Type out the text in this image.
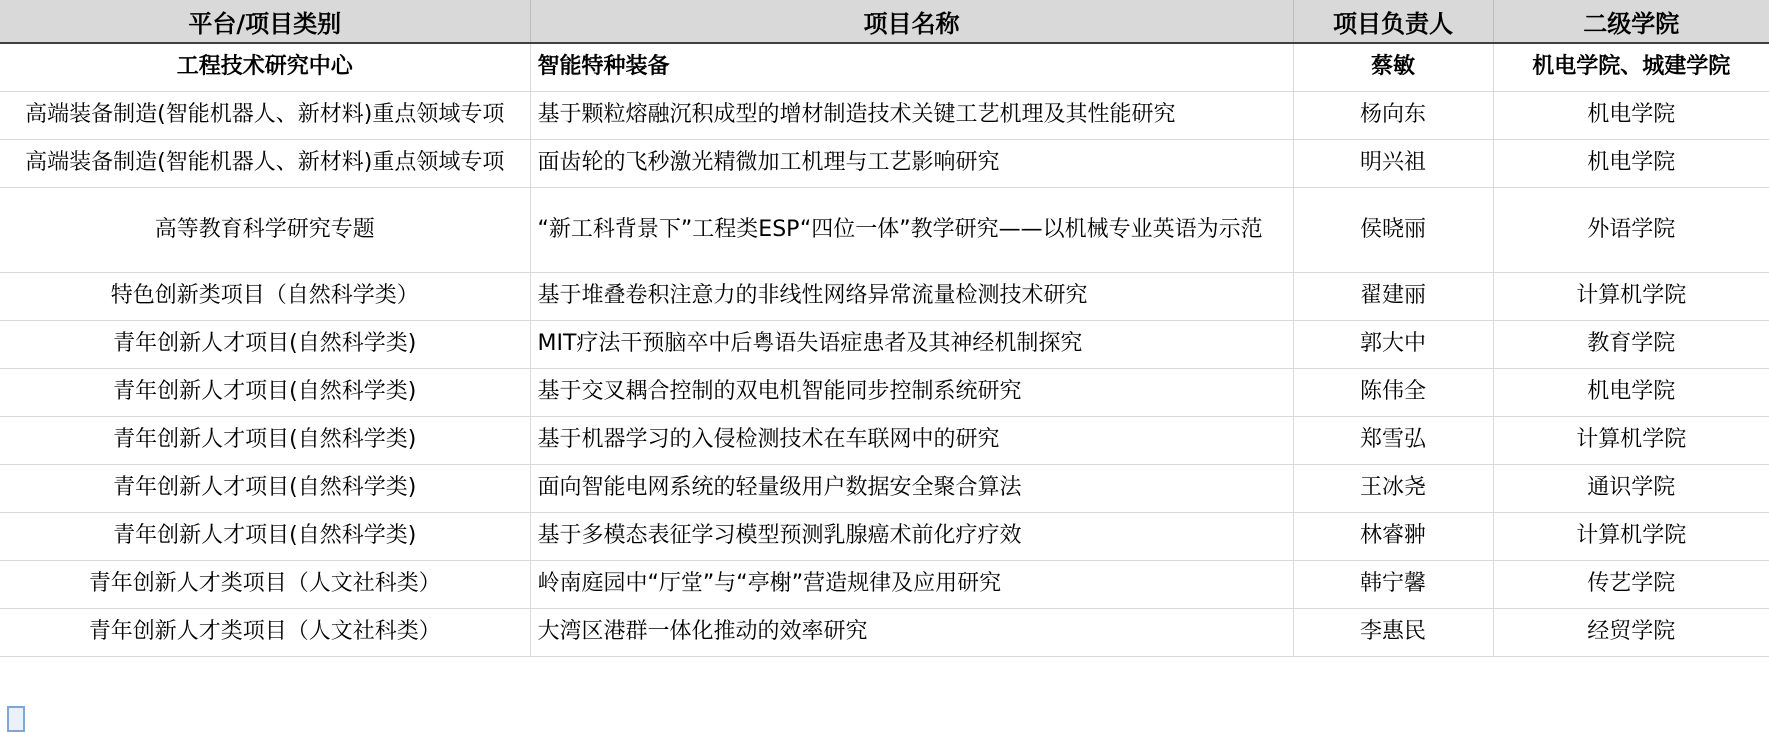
平台/项目类别	项目名称	项目负责人	二级学院
工程技术研究中心	智能特种装备	蔡敏	机电学院、城建学院
高端装备制造(智能机器人、新材料)重点领域专项	基于颗粒熔融沉积成型的增材制造技术关键工艺机理及其性能研究	杨向东	机电学院
高端装备制造(智能机器人、新材料)重点领域专项	面齿轮的飞秒激光精微加工机理与工艺影响研究	明兴祖	机电学院
高等教育科学研究专题	“新工科背景下”工程类ESP“四位一体”教学研究——以机械专业英语为示范	侯晓丽	外语学院
特色创新类项目（自然科学类）	基于堆叠卷积注意力的非线性网络异常流量检测技术研究	翟建丽	计算机学院
青年创新人才项目(自然科学类)	MIT疗法干预脑卒中后粤语失语症患者及其神经机制探究	郭大中	教育学院
青年创新人才项目(自然科学类)	基于交叉耦合控制的双电机智能同步控制系统研究	陈伟全	机电学院
青年创新人才项目(自然科学类)	基于机器学习的入侵检测技术在车联网中的研究	郑雪弘	计算机学院
青年创新人才项目(自然科学类)	面向智能电网系统的轻量级用户数据安全聚合算法	王冰尧	通识学院
青年创新人才项目(自然科学类)	基于多模态表征学习模型预测乳腺癌术前化疗疗效	林睿翀	计算机学院
青年创新人才类项目（人文社科类）	岭南庭园中“厅堂”与“亭榭”营造规律及应用研究	韩宁馨	传艺学院
青年创新人才类项目（人文社科类）	大湾区港群一体化推动的效率研究	李惠民	经贸学院
